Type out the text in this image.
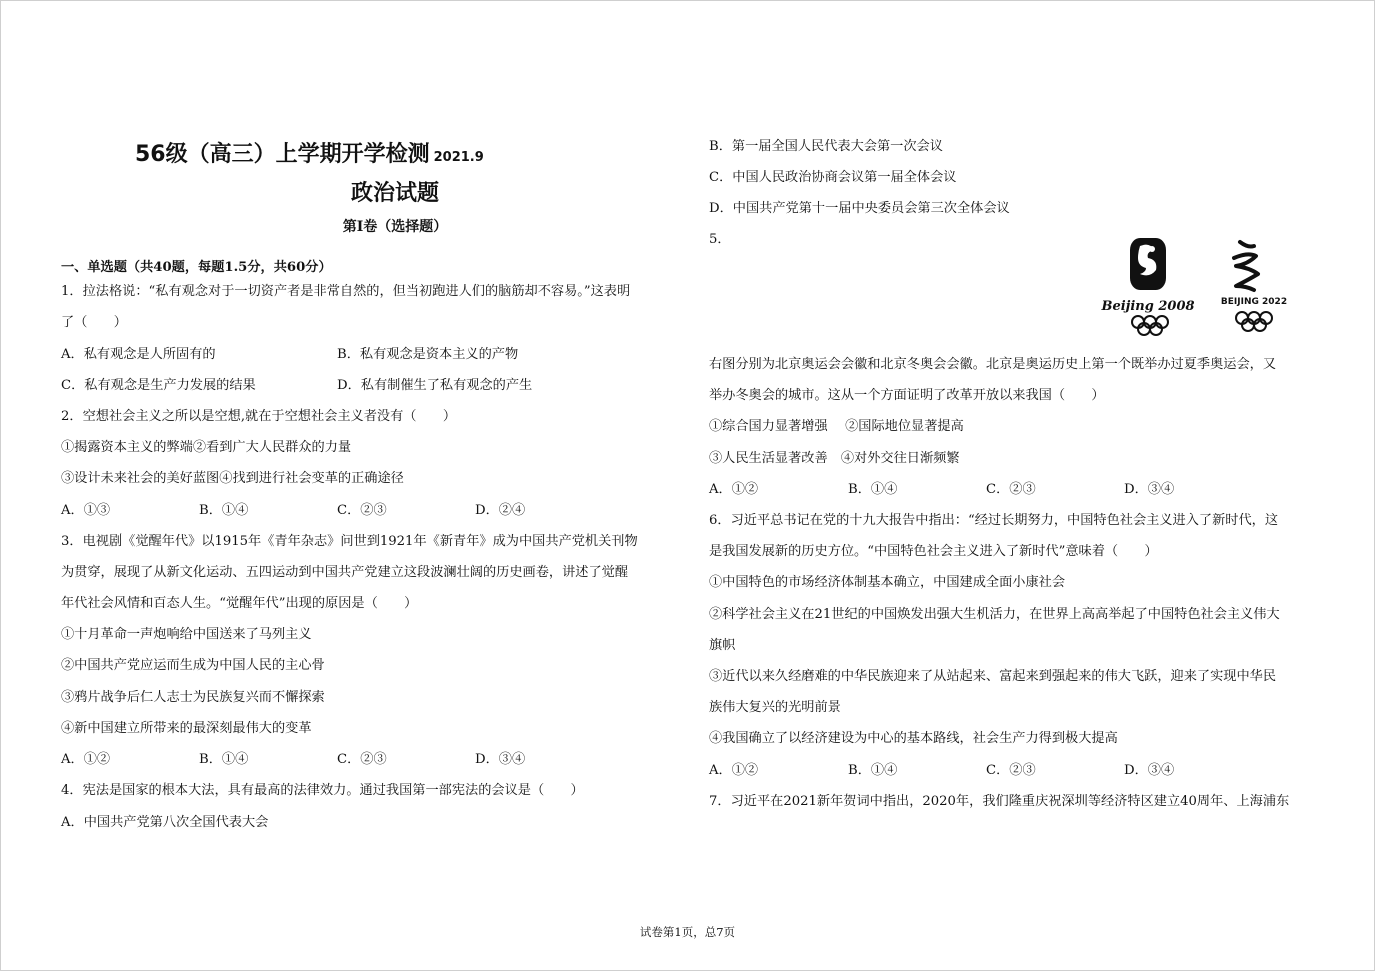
56级（高三）上学期开学检测 2021.9
政治试题
第Ⅰ卷（选择题）
一、单选题（共40题，每题1.5分，共60分）
1．拉法格说：“私有观念对于一切资产者是非常自然的，但当初跑进人们的脑筋却不容易。”这表明
了（　　）
A．私有观念是人所固有的	B．私有观念是资本主义的产物
C．私有观念是生产力发展的结果	D．私有制催生了私有观念的产生
2．空想社会主义之所以是空想,就在于空想社会主义者没有（　　）
①揭露资本主义的弊端②看到广大人民群众的力量
③设计未来社会的美好蓝图④找到进行社会变革的正确途径
A．①③	B．①④	C．②③	D．②④
3．电视剧《觉醒年代》以1915年《青年杂志》问世到1921年《新青年》成为中国共产党机关刊物
为贯穿，展现了从新文化运动、五四运动到中国共产党建立这段波澜壮阔的历史画卷，讲述了觉醒
年代社会风情和百态人生。“觉醒年代”出现的原因是（　　）
①十月革命一声炮响给中国送来了马列主义
②中国共产党应运而生成为中国人民的主心骨
③鸦片战争后仁人志士为民族复兴而不懈探索
④新中国建立所带来的最深刻最伟大的变革
A．①②	B．①④	C．②③	D．③④
4．宪法是国家的根本大法，具有最高的法律效力。通过我国第一部宪法的会议是（　　）
A．中国共产党第八次全国代表大会
B．第一届全国人民代表大会第一次会议
C．中国人民政治协商会议第一届全体会议
D．中国共产党第十一届中央委员会第三次全体会议
5．
Beijing 2008	BEIJING 2022
右图分别为北京奥运会会徽和北京冬奥会会徽。北京是奥运历史上第一个既举办过夏季奥运会，又
举办冬奥会的城市。这从一个方面证明了改革开放以来我国（　　）
①综合国力显著增强　 ②国际地位显著提高
③人民生活显著改善　④对外交往日渐频繁
A．①②	B．①④	C．②③	D．③④
6．习近平总书记在党的十九大报告中指出：“经过长期努力，中国特色社会主义进入了新时代，这
是我国发展新的历史方位。“中国特色社会主义进入了新时代”意味着（　　）
①中国特色的市场经济体制基本确立，中国建成全面小康社会
②科学社会主义在21世纪的中国焕发出强大生机活力，在世界上高高举起了中国特色社会主义伟大
旗帜
③近代以来久经磨难的中华民族迎来了从站起来、富起来到强起来的伟大飞跃，迎来了实现中华民
族伟大复兴的光明前景
④我国确立了以经济建设为中心的基本路线，社会生产力得到极大提高
A．①②	B．①④	C．②③	D．③④
7．习近平在2021新年贺词中指出，2020年，我们隆重庆祝深圳等经济特区建立40周年、上海浦东
试卷第1页，总7页
